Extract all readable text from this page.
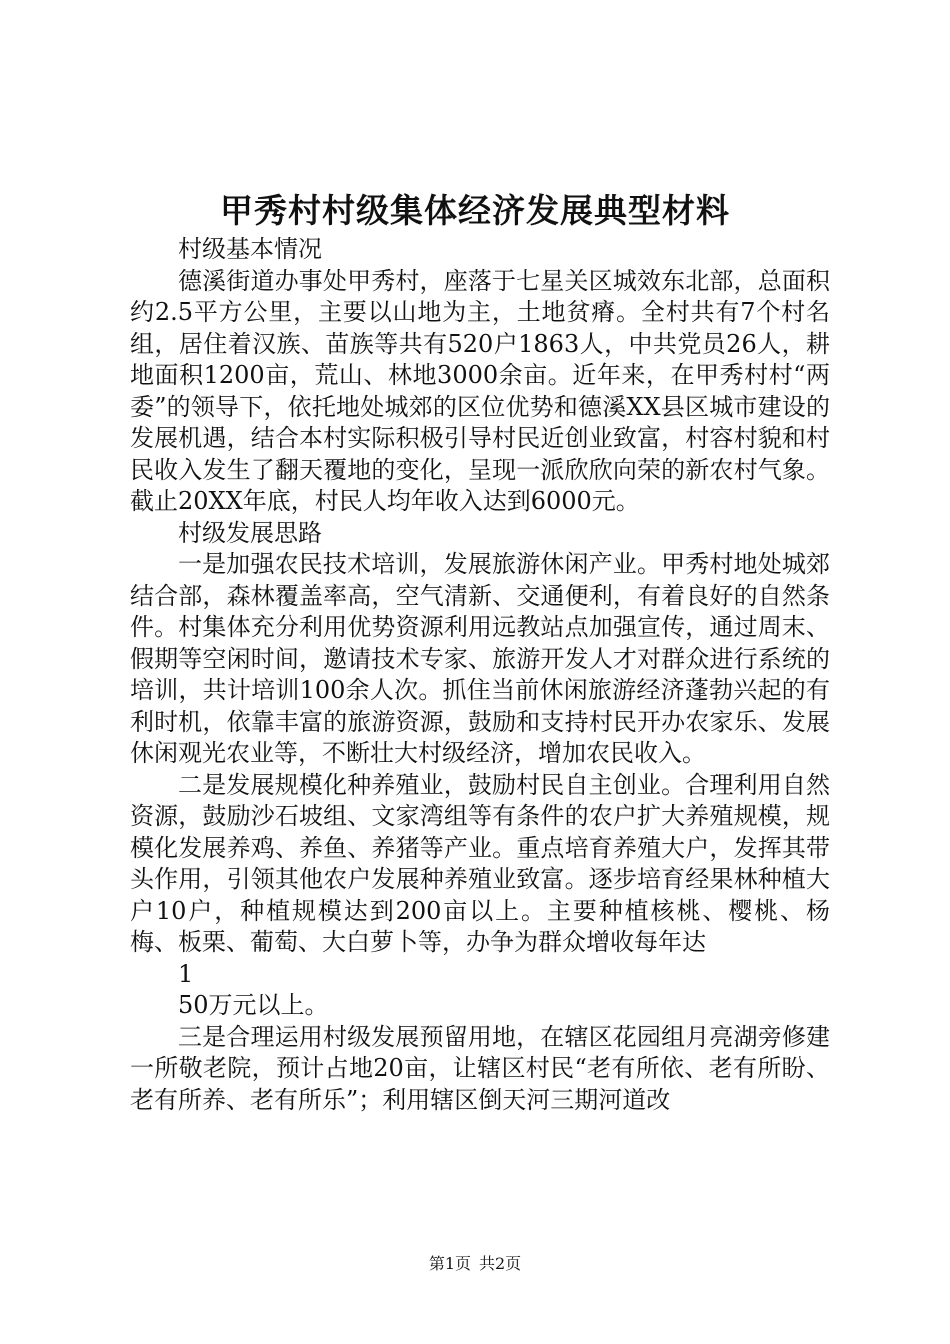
甲秀村村级集体经济发展典型材料

村级基本情况

德溪街道办事处甲秀村，座落于七星关区城效东北部，总面积约2.5平方公里，主要以山地为主，土地贫瘠。全村共有7个村名组，居住着汉族、苗族等共有520户1863人，中共党员26人，耕地面积1200亩，荒山、林地3000余亩。近年来，在甲秀村村“两委”的领导下，依托地处城郊的区位优势和德溪XX县区城市建设的发展机遇，结合本村实际积极引导村民近创业致富，村容村貌和村民收入发生了翻天覆地的变化，呈现一派欣欣向荣的新农村气象。截止20XX年底，村民人均年收入达到6000元。

村级发展思路

一是加强农民技术培训，发展旅游休闲产业。甲秀村地处城郊结合部，森林覆盖率高，空气清新、交通便利，有着良好的自然条件。村集体充分利用优势资源利用远教站点加强宣传，通过周末、假期等空闲时间，邀请技术专家、旅游开发人才对群众进行系统的培训，共计培训100余人次。抓住当前休闲旅游经济蓬勃兴起的有利时机，依靠丰富的旅游资源，鼓励和支持村民开办农家乐、发展休闲观光农业等，不断壮大村级经济，增加农民收入。

二是发展规模化种养殖业，鼓励村民自主创业。合理利用自然资源，鼓励沙石坡组、文家湾组等有条件的农户扩大养殖规模，规模化发展养鸡、养鱼、养猪等产业。重点培育养殖大户，发挥其带头作用，引领其他农户发展种养殖业致富。逐步培育经果林种植大户10户，种植规模达到200亩以上。主要种植核桃、樱桃、杨梅、板栗、葡萄、大白萝卜等，办争为群众增收每年达

1

50万元以上。

三是合理运用村级发展预留用地，在辖区花园组月亮湖旁修建一所敬老院，预计占地20亩，让辖区村民“老有所依、老有所盼、老有所养、老有所乐”；利用辖区倒天河三期河道改

第1页 共2页
